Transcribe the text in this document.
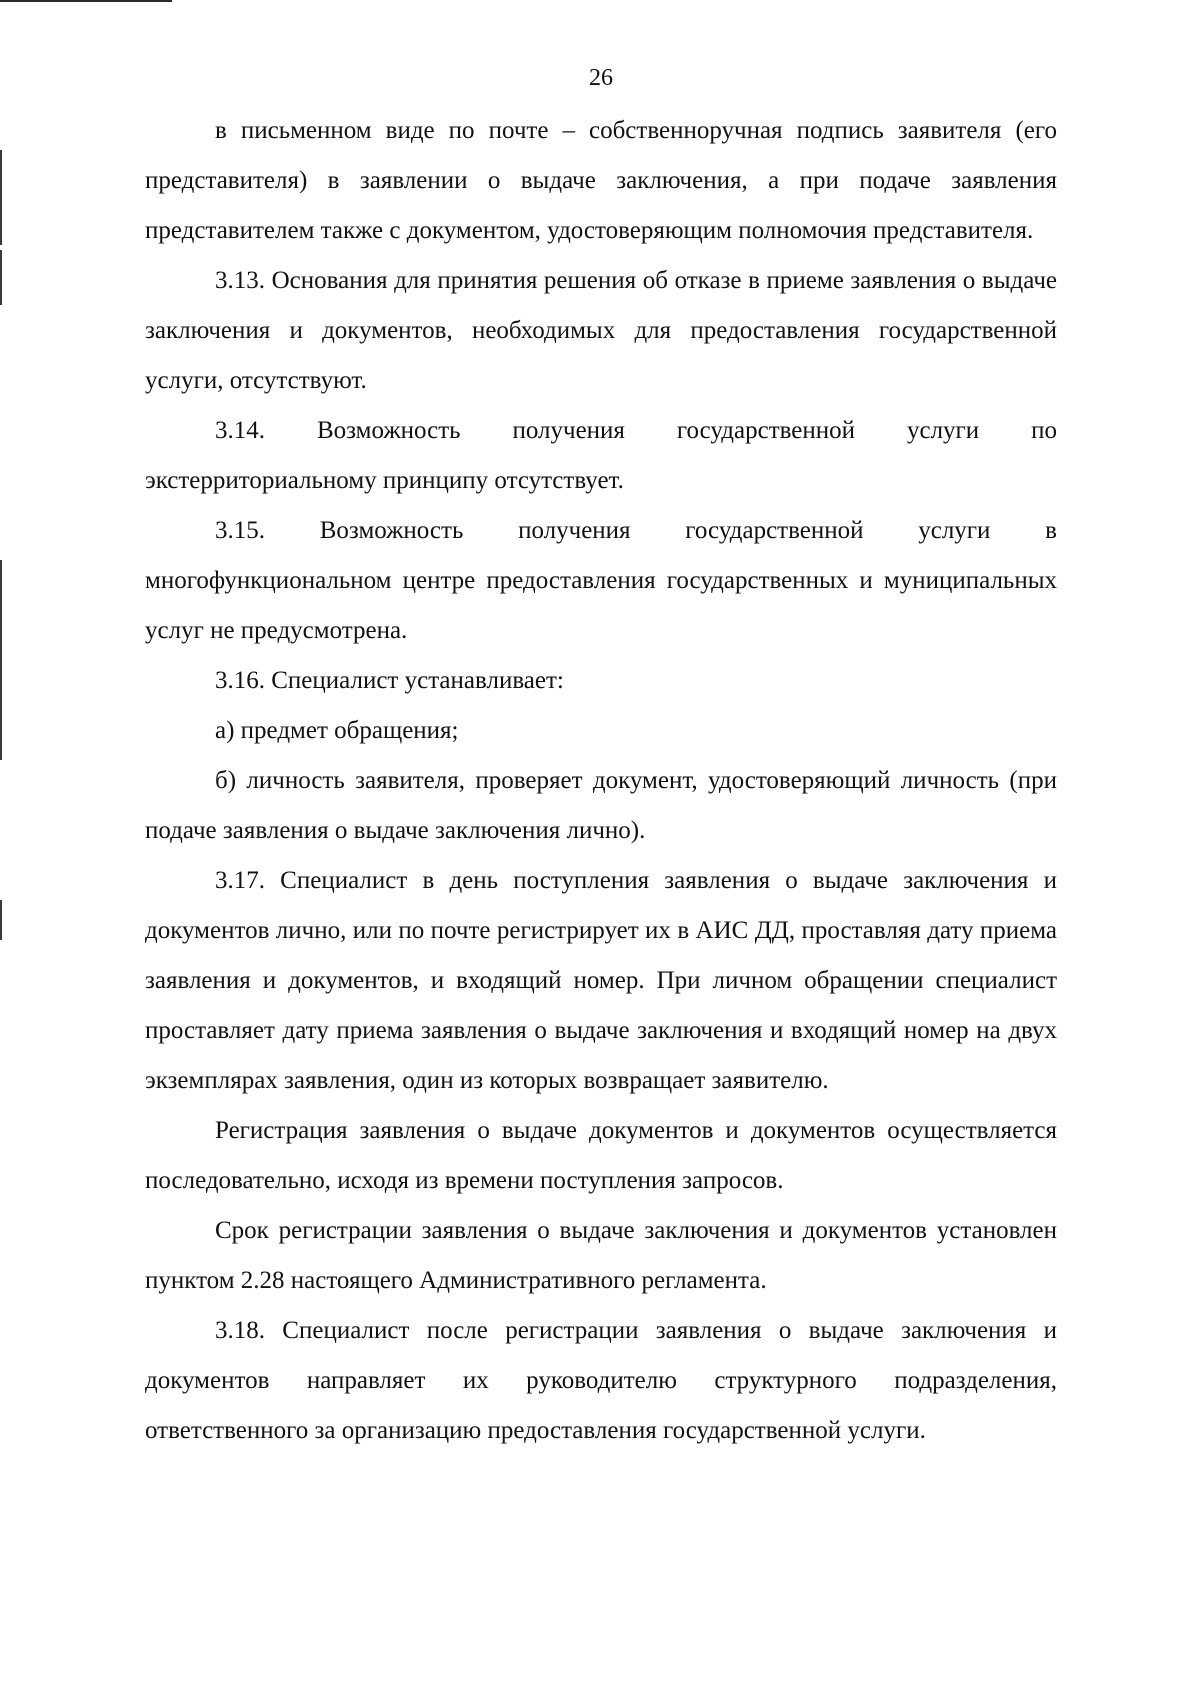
26

в письменном виде по почте – собственноручная подпись заявителя (его представителя) в заявлении о выдаче заключения, а при подаче заявления представителем также с документом, удостоверяющим полномочия представителя.

3.13. Основания для принятия решения об отказе в приеме заявления о выдаче заключения и документов, необходимых для предоставления государственной услуги, отсутствуют.

3.14. Возможность получения государственной услуги по экстерриториальному принципу отсутствует.

3.15. Возможность получения государственной услуги в многофункциональном центре предоставления государственных и муниципальных услуг не предусмотрена.

3.16. Специалист устанавливает:

а) предмет обращения;

б) личность заявителя, проверяет документ, удостоверяющий личность (при подаче заявления о выдаче заключения лично).

3.17. Специалист в день поступления заявления о выдаче заключения и документов лично, или по почте регистрирует их в АИС ДД, проставляя дату приема заявления и документов, и входящий номер. При личном обращении специалист проставляет дату приема заявления о выдаче заключения и входящий номер на двух экземплярах заявления, один из которых возвращает заявителю.

Регистрация заявления о выдаче документов и документов осуществляется последовательно, исходя из времени поступления запросов.

Срок регистрации заявления о выдаче заключения и документов установлен пунктом 2.28 настоящего Административного регламента.

3.18. Специалист после регистрации заявления о выдаче заключения и документов направляет их руководителю структурного подразделения, ответственного за организацию предоставления государственной услуги.
